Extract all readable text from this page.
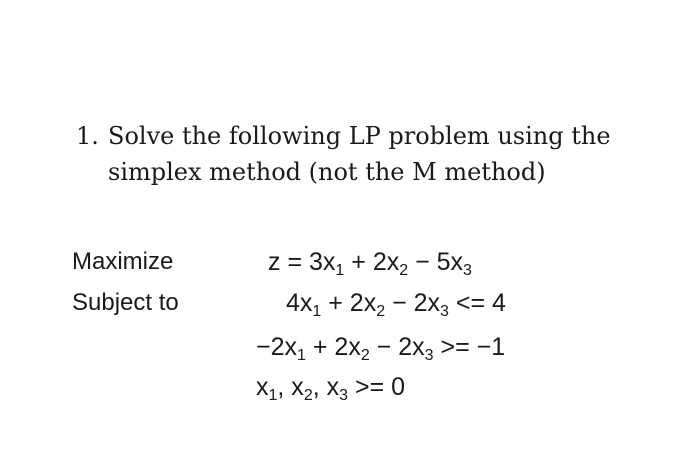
1. Solve the following LP problem using the simplex method (not the M method)
Maximize
Subject to
$z = 3x_1 + 2x_2 - 5x_3$
$4x_1 + 2x_2 - 2x_3 <= 4$
$-2x_1 + 2x_2 - 2x_3 >= -1$
$x_1$, $x_2$, $x_3 >= 0$
